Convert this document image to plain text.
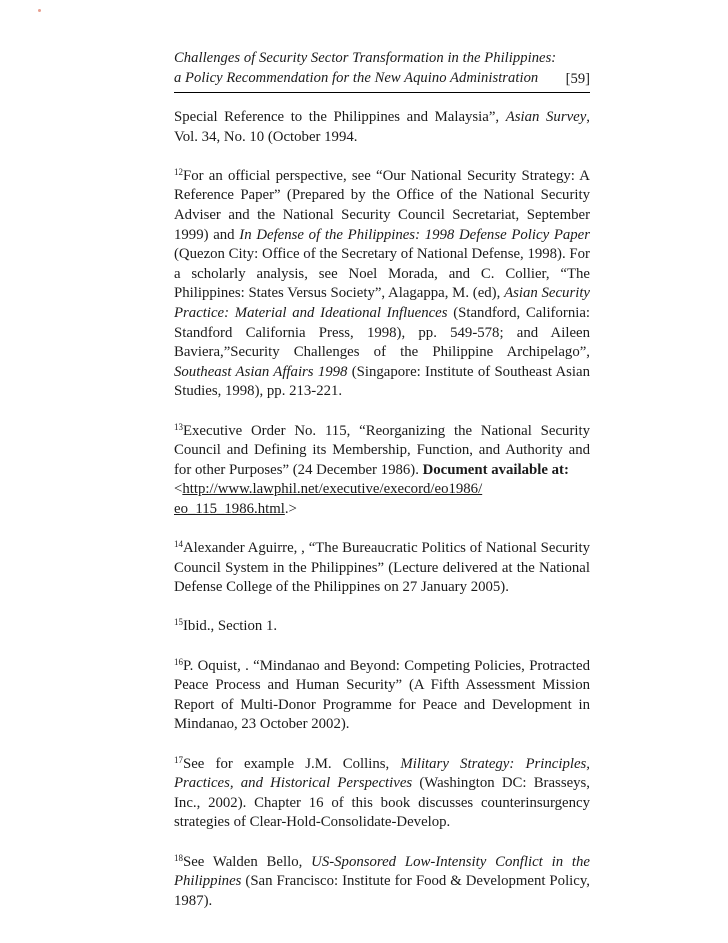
Challenges of Security Sector Transformation in the Philippines:
a Policy Recommendation for the New Aquino Administration	[59]

Special Reference to the Philippines and Malaysia”, Asian Survey, Vol. 34, No. 10 (October 1994.

$^{12}$For an official perspective, see “Our National Security Strategy: A Reference Paper” (Prepared by the Office of the National Security Adviser and the National Security Council Secretariat, September 1999) and In Defense of the Philippines: 1998 Defense Policy Paper (Quezon City: Office of the Secretary of National Defense, 1998). For a scholarly analysis, see Noel Morada, and C. Collier, “The Philippines: States Versus Society”, Alagappa, M. (ed), Asian Security Practice: Material and Ideational Influences (Standford, California: Standford California Press, 1998), pp. 549-578; and Aileen Baviera,”Security Challenges of the Philippine Archipelago”, Southeast Asian Affairs 1998 (Singapore: Institute of Southeast Asian Studies, 1998), pp. 213-221.

$^{13}$Executive Order No. 115, “Reorganizing the National Security Council and Defining its Membership, Function, and Authority and for other Purposes” (24 December 1986). Document available at:
<http://www.lawphil.net/executive/execord/eo1986/
eo_115_1986.html.>

$^{14}$Alexander Aguirre, , “The Bureaucratic Politics of National Security Council System in the Philippines” (Lecture delivered at the National Defense College of the Philippines on 27 January 2005).

$^{15}$Ibid., Section 1.

$^{16}$P. Oquist, . “Mindanao and Beyond: Competing Policies, Protracted Peace Process and Human Security” (A Fifth Assessment Mission Report of Multi-Donor Programme for Peace and Development in Mindanao, 23 October 2002).

$^{17}$See for example J.M. Collins, Military Strategy: Principles, Practices, and Historical Perspectives (Washington DC: Brasseys, Inc., 2002). Chapter 16 of this book discusses counterinsurgency strategies of Clear-Hold-Consolidate-Develop.

$^{18}$See Walden Bello, US-Sponsored Low-Intensity Conflict in the Philippines (San Francisco: Institute for Food & Development Policy, 1987).
